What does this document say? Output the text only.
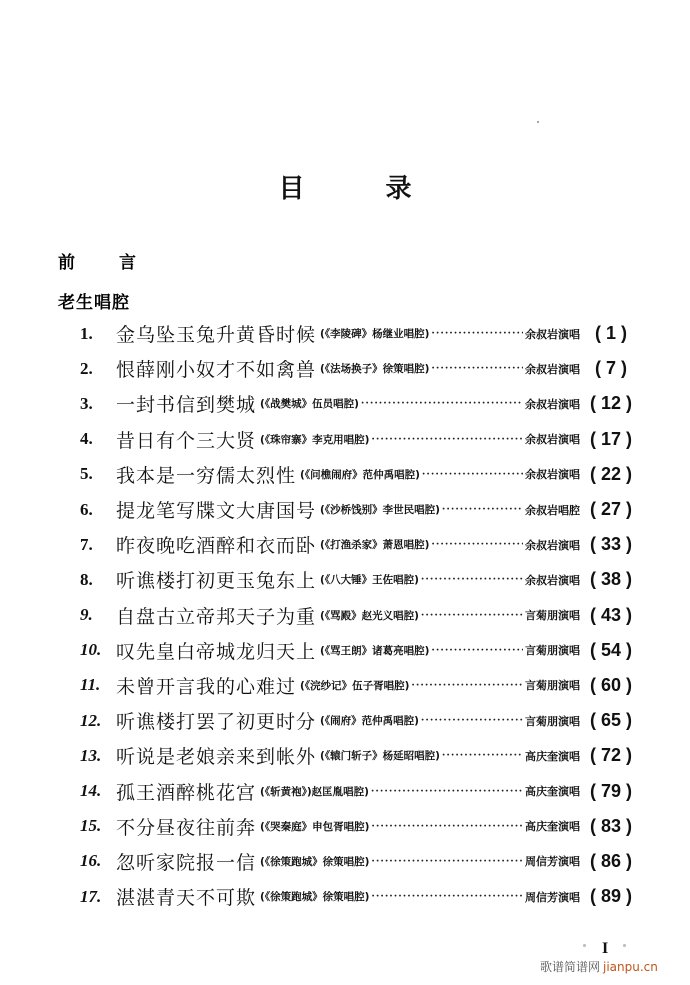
目	录
前	言
老生唱腔
1.	金乌坠玉兔升黄昏时候 (《李陵碑》杨继业唱腔) ·····	余叔岩演唱 ( 1 )
2.	恨薛刚小奴才不如禽兽 (《法场换子》徐策唱腔) ·····	余叔岩演唱 ( 7 )
3.	一封书信到樊城 (《战樊城》伍员唱腔) ·····	余叔岩演唱 ( 12 )
4.	昔日有个三大贤 (《珠帘寨》李克用唱腔) ·····	余叔岩演唱 ( 17 )
5.	我本是一穷儒太烈性 (《问樵闹府》范仲禹唱腔) ·····	余叔岩演唱 ( 22 )
6.	提龙笔写牒文大唐国号 (《沙桥饯别》李世民唱腔) ·····	余叔岩唱腔 ( 27 )
7.	昨夜晚吃酒醉和衣而卧 (《打渔杀家》萧恩唱腔) ·····	余叔岩演唱 ( 33 )
8.	听谯楼打初更玉兔东上 (《八大锤》王佐唱腔) ·····	余叔岩演唱 ( 38 )
9.	自盘古立帝邦天子为重 (《骂殿》赵光义唱腔) ·····	言菊朋演唱 ( 43 )
10. 叹先皇白帝城龙归天上 (《骂王朗》诸葛亮唱腔) ·····	言菊朋演唱 ( 54 )
11. 未曾开言我的心难过 (《浣纱记》伍子胥唱腔) ·····	言菊朋演唱 ( 60 )
12. 听谯楼打罢了初更时分 (《闹府》范仲禹唱腔) ·····	言菊朋演唱 ( 65 )
13. 听说是老娘亲来到帐外 (《辕门斩子》杨延昭唱腔) ·····	高庆奎演唱 ( 72 )
14. 孤王酒醉桃花宫 (《斩黄袍》)赵匡胤唱腔) ·····	高庆奎演唱 ( 79 )
15. 不分昼夜往前奔 (《哭秦庭》申包胥唱腔) ·····	高庆奎演唱 ( 83 )
16. 忽听家院报一信 (《徐策跑城》徐策唱腔) ·····	周信芳演唱 ( 86 )
17. 湛湛青天不可欺 (《徐策跑城》徐策唱腔) ·····	周信芳演唱 ( 89 )
I
歌谱简谱网 jianpu.cn
